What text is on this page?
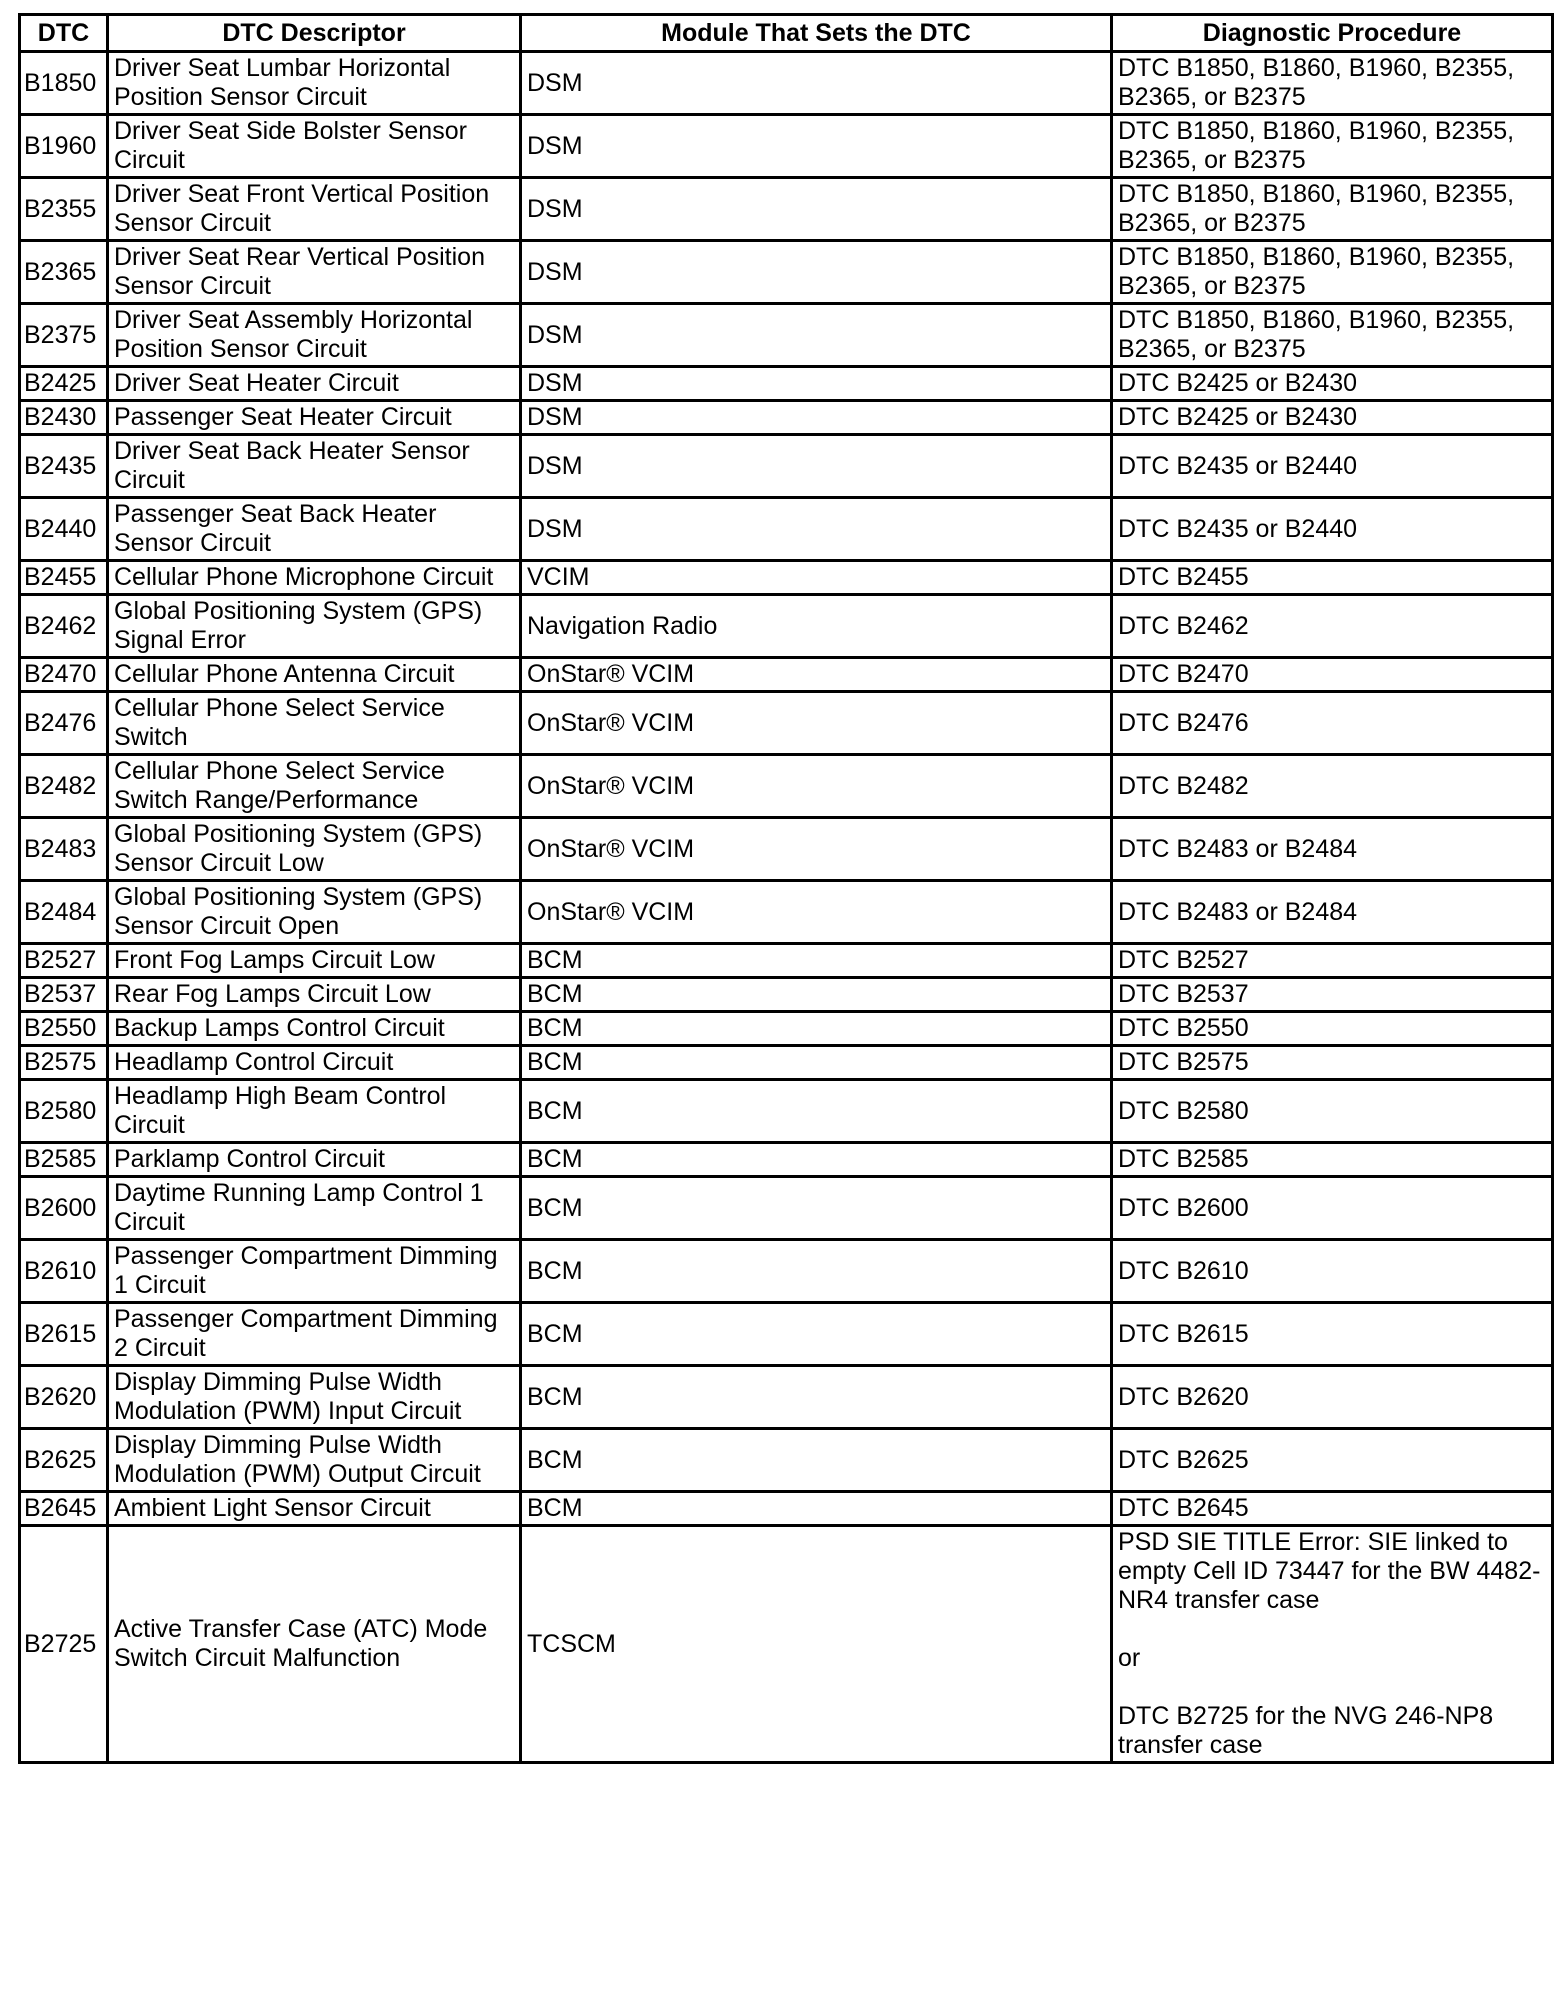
DTC	DTC Descriptor	Module That Sets the DTC	Diagnostic Procedure
B1850	Driver Seat Lumbar Horizontal Position Sensor Circuit	DSM	DTC B1850, B1860, B1960, B2355, B2365, or B2375
B1960	Driver Seat Side Bolster Sensor Circuit	DSM	DTC B1850, B1860, B1960, B2355, B2365, or B2375
B2355	Driver Seat Front Vertical Position Sensor Circuit	DSM	DTC B1850, B1860, B1960, B2355, B2365, or B2375
B2365	Driver Seat Rear Vertical Position Sensor Circuit	DSM	DTC B1850, B1860, B1960, B2355, B2365, or B2375
B2375	Driver Seat Assembly Horizontal Position Sensor Circuit	DSM	DTC B1850, B1860, B1960, B2355, B2365, or B2375
B2425	Driver Seat Heater Circuit	DSM	DTC B2425 or B2430
B2430	Passenger Seat Heater Circuit	DSM	DTC B2425 or B2430
B2435	Driver Seat Back Heater Sensor Circuit	DSM	DTC B2435 or B2440
B2440	Passenger Seat Back Heater Sensor Circuit	DSM	DTC B2435 or B2440
B2455	Cellular Phone Microphone Circuit	VCIM	DTC B2455
B2462	Global Positioning System (GPS) Signal Error	Navigation Radio	DTC B2462
B2470	Cellular Phone Antenna Circuit	OnStar® VCIM	DTC B2470
B2476	Cellular Phone Select Service Switch	OnStar® VCIM	DTC B2476
B2482	Cellular Phone Select Service Switch Range/Performance	OnStar® VCIM	DTC B2482
B2483	Global Positioning System (GPS) Sensor Circuit Low	OnStar® VCIM	DTC B2483 or B2484
B2484	Global Positioning System (GPS) Sensor Circuit Open	OnStar® VCIM	DTC B2483 or B2484
B2527	Front Fog Lamps Circuit Low	BCM	DTC B2527
B2537	Rear Fog Lamps Circuit Low	BCM	DTC B2537
B2550	Backup Lamps Control Circuit	BCM	DTC B2550
B2575	Headlamp Control Circuit	BCM	DTC B2575
B2580	Headlamp High Beam Control Circuit	BCM	DTC B2580
B2585	Parklamp Control Circuit	BCM	DTC B2585
B2600	Daytime Running Lamp Control 1 Circuit	BCM	DTC B2600
B2610	Passenger Compartment Dimming 1 Circuit	BCM	DTC B2610
B2615	Passenger Compartment Dimming 2 Circuit	BCM	DTC B2615
B2620	Display Dimming Pulse Width Modulation (PWM) Input Circuit	BCM	DTC B2620
B2625	Display Dimming Pulse Width Modulation (PWM) Output Circuit	BCM	DTC B2625
B2645	Ambient Light Sensor Circuit	BCM	DTC B2645
B2725	Active Transfer Case (ATC) Mode Switch Circuit Malfunction	TCSCM	PSD SIE TITLE Error: SIE linked to empty Cell ID 73447 for the BW 4482-NR4 transfer case

or

DTC B2725 for the NVG 246-NP8 transfer case
